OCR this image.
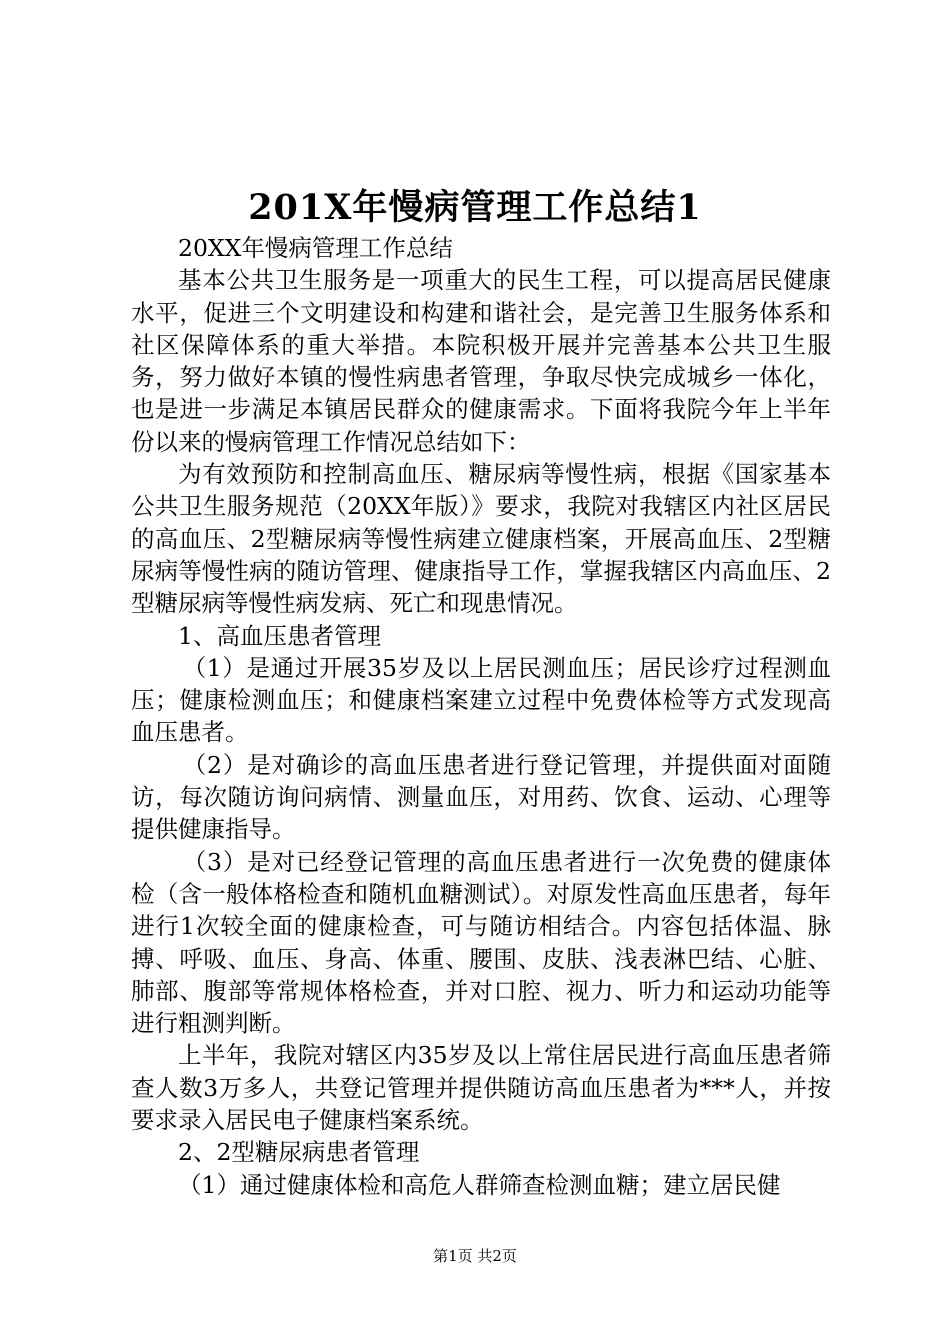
201X年慢病管理工作总结1

20XX年慢病管理工作总结

基本公共卫生服务是一项重大的民生工程，可以提高居民健康水平，促进三个文明建设和构建和谐社会，是完善卫生服务体系和社区保障体系的重大举措。本院积极开展并完善基本公共卫生服务，努力做好本镇的慢性病患者管理，争取尽快完成城乡一体化，也是进一步满足本镇居民群众的健康需求。下面将我院今年上半年份以来的慢病管理工作情况总结如下：

为有效预防和控制高血压、糖尿病等慢性病，根据《国家基本公共卫生服务规范（20XX年版）》要求，我院对我辖区内社区居民的高血压、2型糖尿病等慢性病建立健康档案，开展高血压、2型糖尿病等慢性病的随访管理、健康指导工作，掌握我辖区内高血压、2型糖尿病等慢性病发病、死亡和现患情况。

1、高血压患者管理

（1）是通过开展35岁及以上居民测血压；居民诊疗过程测血压；健康检测血压；和健康档案建立过程中免费体检等方式发现高血压患者。

（2）是对确诊的高血压患者进行登记管理，并提供面对面随访，每次随访询问病情、测量血压，对用药、饮食、运动、心理等提供健康指导。

（3）是对已经登记管理的高血压患者进行一次免费的健康体检（含一般体格检查和随机血糖测试）。对原发性高血压患者，每年进行1次较全面的健康检查，可与随访相结合。内容包括体温、脉搏、呼吸、血压、身高、体重、腰围、皮肤、浅表淋巴结、心脏、肺部、腹部等常规体格检查，并对口腔、视力、听力和运动功能等进行粗测判断。

上半年，我院对辖区内35岁及以上常住居民进行高血压患者筛查人数3万多人，共登记管理并提供随访高血压患者为***人，并按要求录入居民电子健康档案系统。

2、2型糖尿病患者管理

（1）通过健康体检和高危人群筛查检测血糖；建立居民健

第1页 共2页
